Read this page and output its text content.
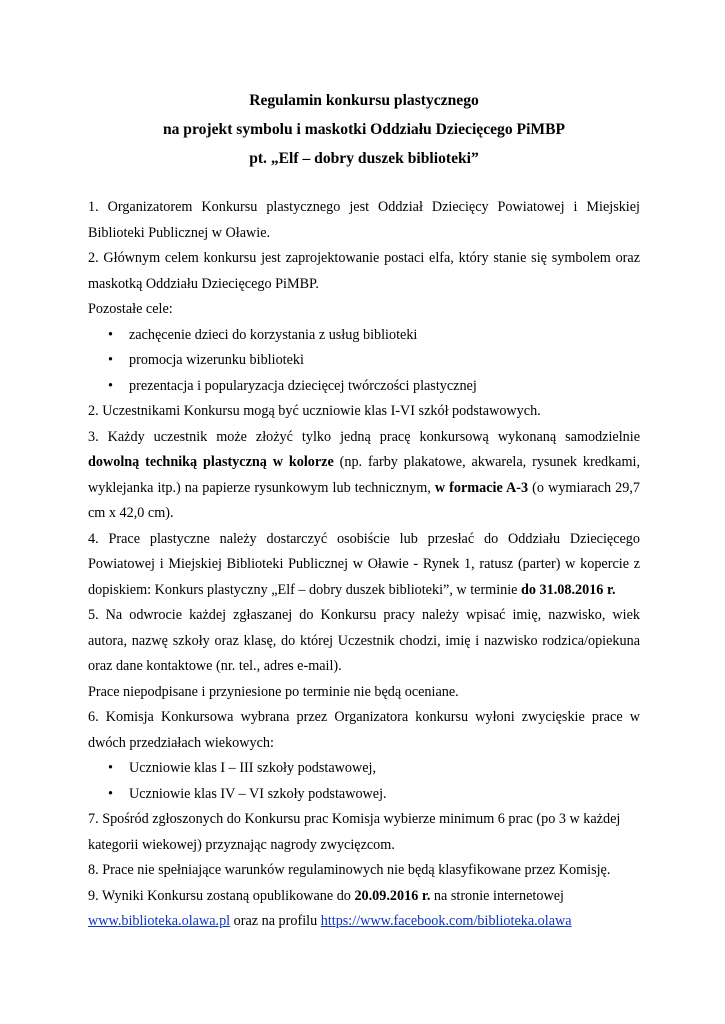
Regulamin konkursu plastycznego
na projekt symbolu i maskotki Oddziału Dziecięcego PiMBP
pt. „Elf – dobry duszek biblioteki”

1. Organizatorem Konkursu plastycznego jest Oddział Dziecięcy Powiatowej i Miejskiej Biblioteki Publicznej w Oławie.

2. Głównym celem konkursu jest zaprojektowanie postaci elfa, który stanie się symbolem oraz maskotką Oddziału Dziecięcego PiMBP.

Pozostałe cele:

• zachęcenie dzieci do korzystania z usług biblioteki
• promocja wizerunku biblioteki
• prezentacja i popularyzacja dziecięcej twórczości plastycznej

2. Uczestnikami Konkursu mogą być uczniowie klas I-VI szkół podstawowych.

3. Każdy uczestnik może złożyć tylko jedną pracę konkursową wykonaną samodzielnie dowolną techniką plastyczną w kolorze (np. farby plakatowe, akwarela, rysunek kredkami, wyklejanka itp.) na papierze rysunkowym lub technicznym, w formacie A-3 (o wymiarach 29,7 cm x 42,0 cm).

4. Prace plastyczne należy dostarczyć osobiście lub przesłać do Oddziału Dziecięcego Powiatowej i Miejskiej Biblioteki Publicznej w Oławie - Rynek 1, ratusz (parter) w kopercie z dopiskiem: Konkurs plastyczny „Elf – dobry duszek biblioteki”, w terminie do 31.08.2016 r.

5. Na odwrocie każdej zgłaszanej do Konkursu pracy należy wpisać imię, nazwisko, wiek autora, nazwę szkoły oraz klasę, do której Uczestnik chodzi, imię i nazwisko rodzica/opiekuna oraz dane kontaktowe (nr. tel., adres e-mail).

Prace niepodpisane i przyniesione po terminie nie będą oceniane.

6. Komisja Konkursowa wybrana przez Organizatora konkursu wyłoni zwycięskie prace w dwóch przedziałach wiekowych:

• Uczniowie klas I – III szkoły podstawowej,
• Uczniowie klas IV – VI szkoły podstawowej.

7. Spośród zgłoszonych do Konkursu prac Komisja wybierze minimum 6 prac (po 3 w każdej kategorii wiekowej) przyznając nagrody zwycięzcom.

8. Prace nie spełniające warunków regulaminowych nie będą klasyfikowane przez Komisję.

9. Wyniki Konkursu zostaną opublikowane do 20.09.2016 r. na stronie internetowej

www.biblioteka.olawa.pl oraz na profilu https://www.facebook.com/biblioteka.olawa
